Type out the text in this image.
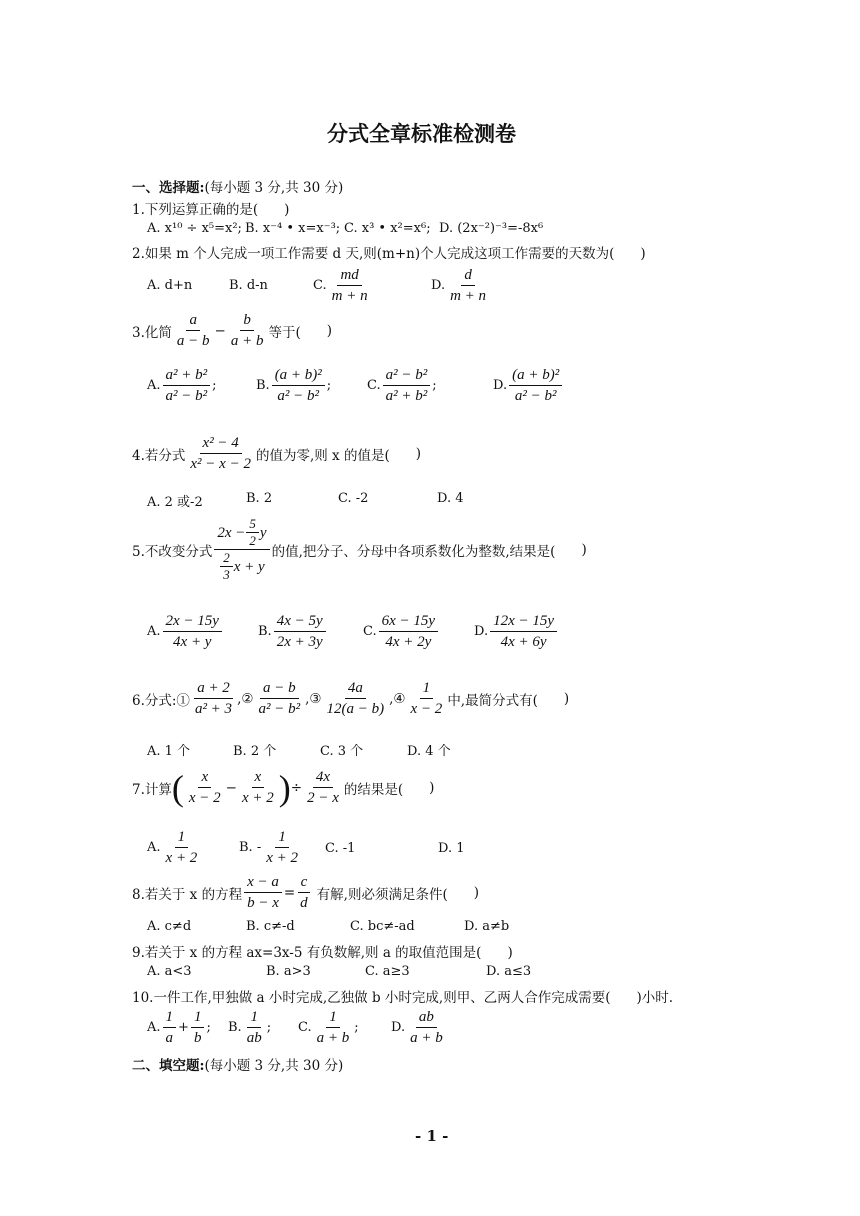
分式全章标准检测卷
一、选择题:(每小题 3 分,共 30 分)
1.下列运算正确的是( )
A. x¹⁰ ÷ x⁵=x²; B. x⁻⁴ • x=x⁻³; C. x³ • x²=x⁶; D. (2x⁻²)⁻³=-8x⁶
2.如果 m 个人完成一项工作需要 d 天,则(m+n)个人完成这项工作需要的天数为( )
A. d+n	B. d-n	C. $\frac{md}{m + n}$	D. $\frac{d}{m + n}$
3.化简 $\frac{a}{a - b} - \frac{b}{a + b}$ 等于( )
A. $\frac{\text{a² + b²}}{\text{a² − b²}}$ ;	B. $\frac{\text{(a + b)²}}{\text{a² − b²}}$ ;	C. $\frac{\text{a² − b²}}{\text{a² + b²}}$ ;	D. $\frac{\text{(a + b)²}}{\text{a² − b²}}$
4.若分式 $\frac{\text{x² − 4}}{\text{x² − x − 2}}$ 的值为零,则 x 的值是( )
A. 2 或-2	B. 2	C. -2	D. 4
5.不改变分式 $\frac{2x - \frac{5}{2} y}{\frac{2}{3} x + y}$ 的值,把分子、分母中各项系数化为整数,结果是( )
A. $\frac{2x - 15y}{4x + y}$	B. $\frac{4x - 5y}{2x + 3y}$	C. $\frac{6x - 15y}{4x + 2y}$	D. $\frac{12x - 15y}{4x + 6y}$
6.分式:① $\frac{a + 2}{\text{a² + 3}}$ ,② $\frac{a - b}{\text{a² − b²}}$ ,③ $\frac{4a}{12(a - b)}$ ,④ $\frac{1}{x - 2}$ 中,最简分式有( )
A. 1 个	B. 2 个	C. 3 个	D. 4 个
7.计算 ( $\frac{x}{x - 2} - \frac{x}{x + 2}$ ) ÷ $\frac{4x}{2 - x}$ 的结果是( )
A. $\frac{1}{x + 2}$	B. - $\frac{1}{x + 2} C$. -1	D. 1
8.若关于 x 的方程 $\frac{x - a}{b - x} = \frac{c}{d}$ 有解,则必须满足条件( )
A. c≠d	B. c≠-d	C. bc≠-ad	D. a≠b
9.若关于 x 的方程 ax=3x-5 有负数解,则 a 的取值范围是( )
A. a<3	B. a>3	C. a≥3	D. a≤3
10.一件工作,甲独做 a 小时完成,乙独做 b 小时完成,则甲、乙两人合作完成需要( )小时.
A. $\frac{1}{a} + \frac{1}{b}$ ; B. $\frac{1}{ab}$ ; C. $\frac{1}{a + b}$ ; D. $\frac{ab}{a + b}$
二、填空题:(每小题 3 分,共 30 分)
- 1 -
